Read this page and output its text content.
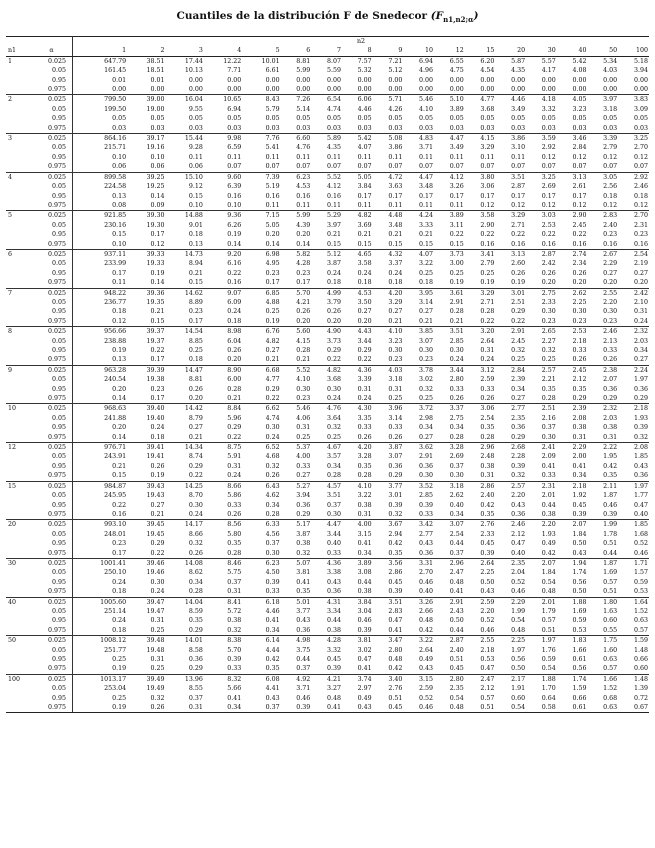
Cuantiles de la distribución F de Snedecor $(F_{n1,n2;\alpha})$
		n2																
n1	α	1	2	3	4	5	6	7	8	9	10	12	15	20	30	40	50	100
1	0.025	647.79	38.51	17.44	12.22	10.01	8.81	8.07	7.57	7.21	6.94	6.55	6.20	5.87	5.57	5.42	5.34	5.18
	0.05	161.45	18.51	10.13	7.71	6.61	5.99	5.59	5.32	5.12	4.96	4.75	4.54	4.35	4.17	4.08	4.03	3.94
	0.95	0.01	0.01	0.00	0.00	0.00	0.00	0.00	0.00	0.00	0.00	0.00	0.00	0.00	0.00	0.00	0.00	0.00
	0.975	0.00	0.00	0.00	0.00	0.00	0.00	0.00	0.00	0.00	0.00	0.00	0.00	0.00	0.00	0.00	0.00	0.00
2	0.025	799.50	39.00	16.04	10.65	8.43	7.26	6.54	6.06	5.71	5.46	5.10	4.77	4.46	4.18	4.05	3.97	3.83
	0.05	199.50	19.00	9.55	6.94	5.79	5.14	4.74	4.46	4.26	4.10	3.89	3.68	3.49	3.32	3.23	3.18	3.09
	0.95	0.05	0.05	0.05	0.05	0.05	0.05	0.05	0.05	0.05	0.05	0.05	0.05	0.05	0.05	0.05	0.05	0.05
	0.975	0.03	0.03	0.03	0.03	0.03	0.03	0.03	0.03	0.03	0.03	0.03	0.03	0.03	0.03	0.03	0.03	0.03
3	0.025	864.16	39.17	15.44	9.98	7.76	6.60	5.89	5.42	5.08	4.83	4.47	4.15	3.86	3.59	3.46	3.39	3.25
	0.05	215.71	19.16	9.28	6.59	5.41	4.76	4.35	4.07	3.86	3.71	3.49	3.29	3.10	2.92	2.84	2.79	2.70
	0.95	0.10	0.10	0.11	0.11	0.11	0.11	0.11	0.11	0.11	0.11	0.11	0.11	0.11	0.12	0.12	0.12	0.12
	0.975	0.06	0.06	0.06	0.07	0.07	0.07	0.07	0.07	0.07	0.07	0.07	0.07	0.07	0.07	0.07	0.07	0.07
4	0.025	899.58	39.25	15.10	9.60	7.39	6.23	5.52	5.05	4.72	4.47	4.12	3.80	3.51	3.25	3.13	3.05	2.92
	0.05	224.58	19.25	9.12	6.39	5.19	4.53	4.12	3.84	3.63	3.48	3.26	3.06	2.87	2.69	2.61	2.56	2.46
	0.95	0.13	0.14	0.15	0.16	0.16	0.16	0.16	0.17	0.17	0.17	0.17	0.17	0.17	0.17	0.17	0.18	0.18
	0.975	0.08	0.09	0.10	0.10	0.11	0.11	0.11	0.11	0.11	0.11	0.11	0.12	0.12	0.12	0.12	0.12	0.12
5	0.025	921.85	39.30	14.88	9.36	7.15	5.99	5.29	4.82	4.48	4.24	3.89	3.58	3.29	3.03	2.90	2.83	2.70
	0.05	230.16	19.30	9.01	6.26	5.05	4.39	3.97	3.69	3.48	3.33	3.11	2.90	2.71	2.53	2.45	2.40	2.31
	0.95	0.15	0.17	0.18	0.19	0.20	0.20	0.21	0.21	0.21	0.21	0.22	0.22	0.22	0.22	0.22	0.23	0.23
	0.975	0.10	0.12	0.13	0.14	0.14	0.14	0.15	0.15	0.15	0.15	0.15	0.16	0.16	0.16	0.16	0.16	0.16
6	0.025	937.11	39.33	14.73	9.20	6.98	5.82	5.12	4.65	4.32	4.07	3.73	3.41	3.13	2.87	2.74	2.67	2.54
	0.05	233.99	19.33	8.94	6.16	4.95	4.28	3.87	3.58	3.37	3.22	3.00	2.79	2.60	2.42	2.34	2.29	2.19
	0.95	0.17	0.19	0.21	0.22	0.23	0.23	0.24	0.24	0.24	0.25	0.25	0.25	0.26	0.26	0.26	0.27	0.27
	0.975	0.11	0.14	0.15	0.16	0.17	0.17	0.18	0.18	0.18	0.18	0.19	0.19	0.19	0.20	0.20	0.20	0.20
7	0.025	948.22	39.36	14.62	9.07	6.85	5.70	4.99	4.53	4.20	3.95	3.61	3.29	3.01	2.75	2.62	2.55	2.42
	0.05	236.77	19.35	8.89	6.09	4.88	4.21	3.79	3.50	3.29	3.14	2.91	2.71	2.51	2.33	2.25	2.20	2.10
	0.95	0.18	0.21	0.23	0.24	0.25	0.26	0.26	0.27	0.27	0.27	0.28	0.28	0.29	0.30	0.30	0.30	0.31
	0.975	0.12	0.15	0.17	0.18	0.19	0.20	0.20	0.20	0.21	0.21	0.21	0.22	0.22	0.23	0.23	0.23	0.24
8	0.025	956.66	39.37	14.54	8.98	6.76	5.60	4.90	4.43	4.10	3.85	3.51	3.20	2.91	2.65	2.53	2.46	2.32
	0.05	238.88	19.37	8.85	6.04	4.82	4.15	3.73	3.44	3.23	3.07	2.85	2.64	2.45	2.27	2.18	2.13	2.03
	0.95	0.19	0.22	0.25	0.26	0.27	0.28	0.29	0.29	0.30	0.30	0.30	0.31	0.32	0.32	0.33	0.33	0.34
	0.975	0.13	0.17	0.18	0.20	0.21	0.21	0.22	0.22	0.23	0.23	0.24	0.24	0.25	0.25	0.26	0.26	0.27
9	0.025	963.28	39.39	14.47	8.90	6.68	5.52	4.82	4.36	4.03	3.78	3.44	3.12	2.84	2.57	2.45	2.38	2.24
	0.05	240.54	19.38	8.81	6.00	4.77	4.10	3.68	3.39	3.18	3.02	2.80	2.59	2.39	2.21	2.12	2.07	1.97
	0.95	0.20	0.23	0.26	0.28	0.29	0.30	0.30	0.31	0.31	0.32	0.33	0.33	0.34	0.35	0.35	0.36	0.36
	0.975	0.14	0.17	0.20	0.21	0.22	0.23	0.24	0.24	0.25	0.25	0.26	0.26	0.27	0.28	0.29	0.29	0.29
10	0.025	968.63	39.40	14.42	8.84	6.62	5.46	4.76	4.30	3.96	3.72	3.37	3.06	2.77	2.51	2.39	2.32	2.18
	0.05	241.88	19.40	8.79	5.96	4.74	4.06	3.64	3.35	3.14	2.98	2.75	2.54	2.35	2.16	2.08	2.03	1.93
	0.95	0.20	0.24	0.27	0.29	0.30	0.31	0.32	0.33	0.33	0.34	0.34	0.35	0.36	0.37	0.38	0.38	0.39
	0.975	0.14	0.18	0.21	0.22	0.24	0.25	0.25	0.26	0.26	0.27	0.28	0.28	0.29	0.30	0.31	0.31	0.32
12	0.025	976.71	39.41	14.34	8.75	6.52	5.37	4.67	4.20	3.87	3.62	3.28	2.96	2.68	2.41	2.29	2.22	2.08
	0.05	243.91	19.41	8.74	5.91	4.68	4.00	3.57	3.28	3.07	2.91	2.69	2.48	2.28	2.09	2.00	1.95	1.85
	0.95	0.21	0.26	0.29	0.31	0.32	0.33	0.34	0.35	0.36	0.36	0.37	0.38	0.39	0.41	0.41	0.42	0.43
	0.975	0.15	0.19	0.22	0.24	0.26	0.27	0.28	0.28	0.29	0.30	0.30	0.31	0.32	0.33	0.34	0.35	0.36
15	0.025	984.87	39.43	14.25	8.66	6.43	5.27	4.57	4.10	3.77	3.52	3.18	2.86	2.57	2.31	2.18	2.11	1.97
	0.05	245.95	19.43	8.70	5.86	4.62	3.94	3.51	3.22	3.01	2.85	2.62	2.40	2.20	2.01	1.92	1.87	1.77
	0.95	0.22	0.27	0.30	0.33	0.34	0.36	0.37	0.38	0.39	0.39	0.40	0.42	0.43	0.44	0.45	0.46	0.47
	0.975	0.16	0.21	0.24	0.26	0.28	0.29	0.30	0.31	0.32	0.33	0.34	0.35	0.36	0.38	0.39	0.39	0.40
20	0.025	993.10	39.45	14.17	8.56	6.33	5.17	4.47	4.00	3.67	3.42	3.07	2.76	2.46	2.20	2.07	1.99	1.85
	0.05	248.01	19.45	8.66	5.80	4.56	3.87	3.44	3.15	2.94	2.77	2.54	2.33	2.12	1.93	1.84	1.78	1.68
	0.95	0.23	0.29	0.32	0.35	0.37	0.38	0.40	0.41	0.42	0.43	0.44	0.45	0.47	0.49	0.50	0.51	0.52
	0.975	0.17	0.22	0.26	0.28	0.30	0.32	0.33	0.34	0.35	0.36	0.37	0.39	0.40	0.42	0.43	0.44	0.46
30	0.025	1001.41	39.46	14.08	8.46	6.23	5.07	4.36	3.89	3.56	3.31	2.96	2.64	2.35	2.07	1.94	1.87	1.71
	0.05	250.10	19.46	8.62	5.75	4.50	3.81	3.38	3.08	2.86	2.70	2.47	2.25	2.04	1.84	1.74	1.69	1.57
	0.95	0.24	0.30	0.34	0.37	0.39	0.41	0.43	0.44	0.45	0.46	0.48	0.50	0.52	0.54	0.56	0.57	0.59
	0.975	0.18	0.24	0.28	0.31	0.33	0.35	0.36	0.38	0.39	0.40	0.41	0.43	0.46	0.48	0.50	0.51	0.53
40	0.025	1005.60	39.47	14.04	8.41	6.18	5.01	4.31	3.84	3.51	3.26	2.91	2.59	2.29	2.01	1.88	1.80	1.64
	0.05	251.14	19.47	8.59	5.72	4.46	3.77	3.34	3.04	2.83	2.66	2.43	2.20	1.99	1.79	1.69	1.63	1.52
	0.95	0.24	0.31	0.35	0.38	0.41	0.43	0.44	0.46	0.47	0.48	0.50	0.52	0.54	0.57	0.59	0.60	0.63
	0.975	0.18	0.25	0.29	0.32	0.34	0.36	0.38	0.39	0.41	0.42	0.44	0.46	0.48	0.51	0.53	0.55	0.57
50	0.025	1008.12	39.48	14.01	8.38	6.14	4.98	4.28	3.81	3.47	3.22	2.87	2.55	2.25	1.97	1.83	1.75	1.59
	0.05	251.77	19.48	8.58	5.70	4.44	3.75	3.32	3.02	2.80	2.64	2.40	2.18	1.97	1.76	1.66	1.60	1.48
	0.95	0.25	0.31	0.36	0.39	0.42	0.44	0.45	0.47	0.48	0.49	0.51	0.53	0.56	0.59	0.61	0.63	0.66
	0.975	0.19	0.25	0.29	0.33	0.35	0.37	0.39	0.41	0.42	0.43	0.45	0.47	0.50	0.54	0.56	0.57	0.60
100	0.025	1013.17	39.49	13.96	8.32	6.08	4.92	4.21	3.74	3.40	3.15	2.80	2.47	2.17	1.88	1.74	1.66	1.48
	0.05	253.04	19.49	8.55	5.66	4.41	3.71	3.27	2.97	2.76	2.59	2.35	2.12	1.91	1.70	1.59	1.52	1.39
	0.95	0.25	0.32	0.37	0.41	0.43	0.46	0.48	0.49	0.51	0.52	0.54	0.57	0.60	0.64	0.66	0.68	0.72
	0.975	0.19	0.26	0.31	0.34	0.37	0.39	0.41	0.43	0.45	0.46	0.48	0.51	0.54	0.58	0.61	0.63	0.67
